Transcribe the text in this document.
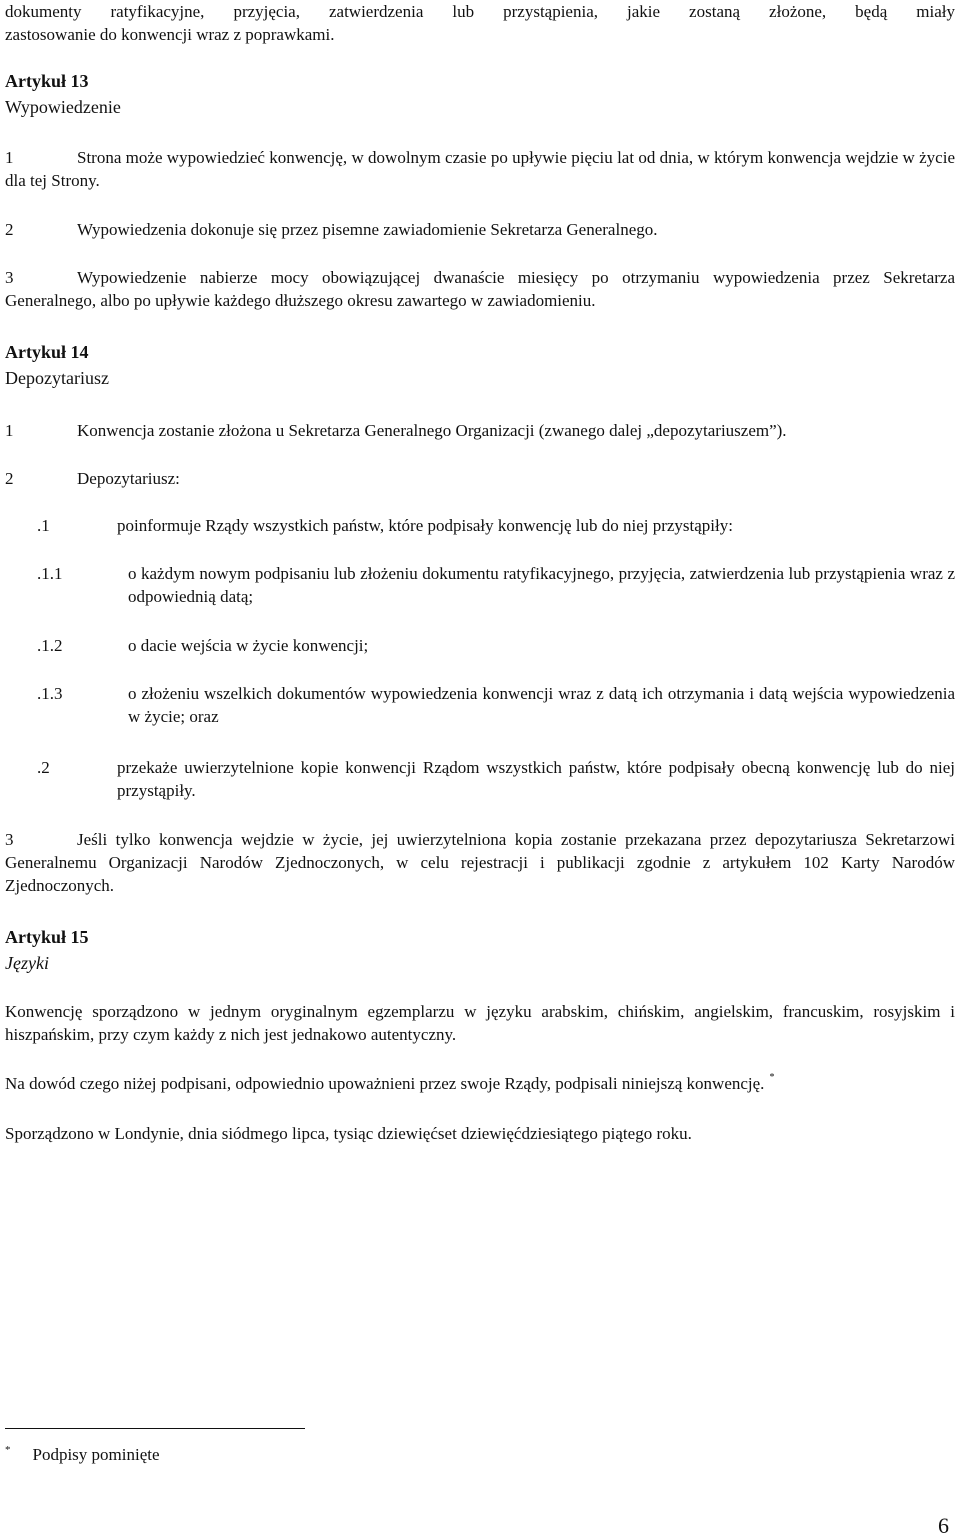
dokumenty ratyfikacyjne, przyjęcia, zatwierdzenia lub przystąpienia, jakie zostaną złożone, będą miały
zastosowanie do konwencji wraz z poprawkami.

Artykuł 13
Wypowiedzenie

1	Strona może wypowiedzieć konwencję, w dowolnym czasie po upływie pięciu lat od dnia, w którym konwencja wejdzie w życie dla tej Strony.

2	Wypowiedzenia dokonuje się przez pisemne zawiadomienie Sekretarza Generalnego.

3	Wypowiedzenie nabierze mocy obowiązującej dwanaście miesięcy po otrzymaniu wypowiedzenia przez Sekretarza Generalnego, albo po upływie każdego dłuższego okresu zawartego w zawiadomieniu.

Artykuł 14
Depozytariusz

1	Konwencja zostanie złożona u Sekretarza Generalnego Organizacji (zwanego dalej „depozytariuszem”).

2	Depozytariusz:

.1	poinformuje Rządy wszystkich państw, które podpisały konwencję lub do niej przystąpiły:
.1.1	o każdym nowym podpisaniu lub złożeniu dokumentu ratyfikacyjnego, przyjęcia, zatwierdzenia lub przystąpienia wraz z odpowiednią datą;
.1.2	o dacie wejścia w życie konwencji;
.1.3	o złożeniu wszelkich dokumentów wypowiedzenia konwencji wraz z datą ich otrzymania i datą wejścia wypowiedzenia w życie; oraz
.2	przekaże uwierzytelnione kopie konwencji Rządom wszystkich państw, które podpisały obecną konwencję lub do niej przystąpiły.

3	Jeśli tylko konwencja wejdzie w życie, jej uwierzytelniona kopia zostanie przekazana przez depozytariusza Sekretarzowi Generalnemu Organizacji Narodów Zjednoczonych, w celu rejestracji i publikacji zgodnie z artykułem 102 Karty Narodów Zjednoczonych.

Artykuł 15
Języki

Konwencję sporządzono w jednym oryginalnym egzemplarzu w języku arabskim, chińskim, angielskim, francuskim, rosyjskim i hiszpańskim, przy czym każdy z nich jest jednakowo autentyczny.

Na dowód czego niżej podpisani, odpowiednio upoważnieni przez swoje Rządy, podpisali niniejszą konwencję. *

Sporządzono w Londynie, dnia siódmego lipca, tysiąc dziewięćset dziewięćdziesiątego piątego roku.

* Podpisy pominięte
6
